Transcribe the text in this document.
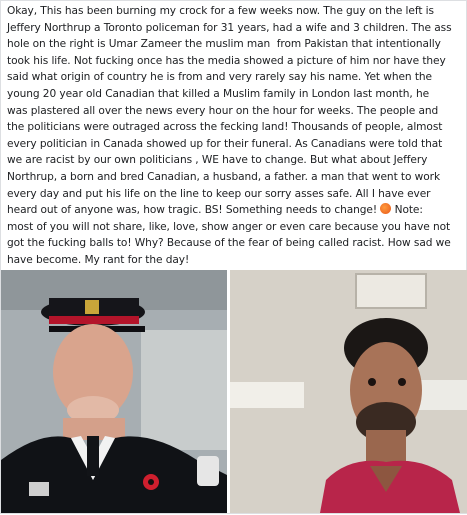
Okay, This has been burning my crock for a few weeks now. The guy on the left is
Jeffery Northrup a Toronto policeman for 31 years, had a wife and 3 children. The ass
hole on the right is Umar Zameer the muslim man  from Pakistan that intentionally
took his life. Not fucking once has the media showed a picture of him nor have they
said what origin of country he is from and very rarely say his name. Yet when the
young 20 year old Canadian that killed a Muslim family in London last month, he
was plastered all over the news every hour on the hour for weeks. The people and
the politicians were outraged across the fecking land! Thousands of people, almost
every politician in Canada showed up for their funeral. As Canadians were told that
we are racist by our own politicians , WE have to change. But what about Jeffery
Northrup, a born and bred Canadian, a husband, a father. a man that went to work
every day and put his life on the line to keep our sorry asses safe. All I have ever
heard out of anyone was, how tragic. BS! Something needs to change!  Note:
most of you will not share, like, love, show anger or even care because you have not
got the fucking balls to! Why? Because of the fear of being called racist. How sad we
have become. My rant for the day!
